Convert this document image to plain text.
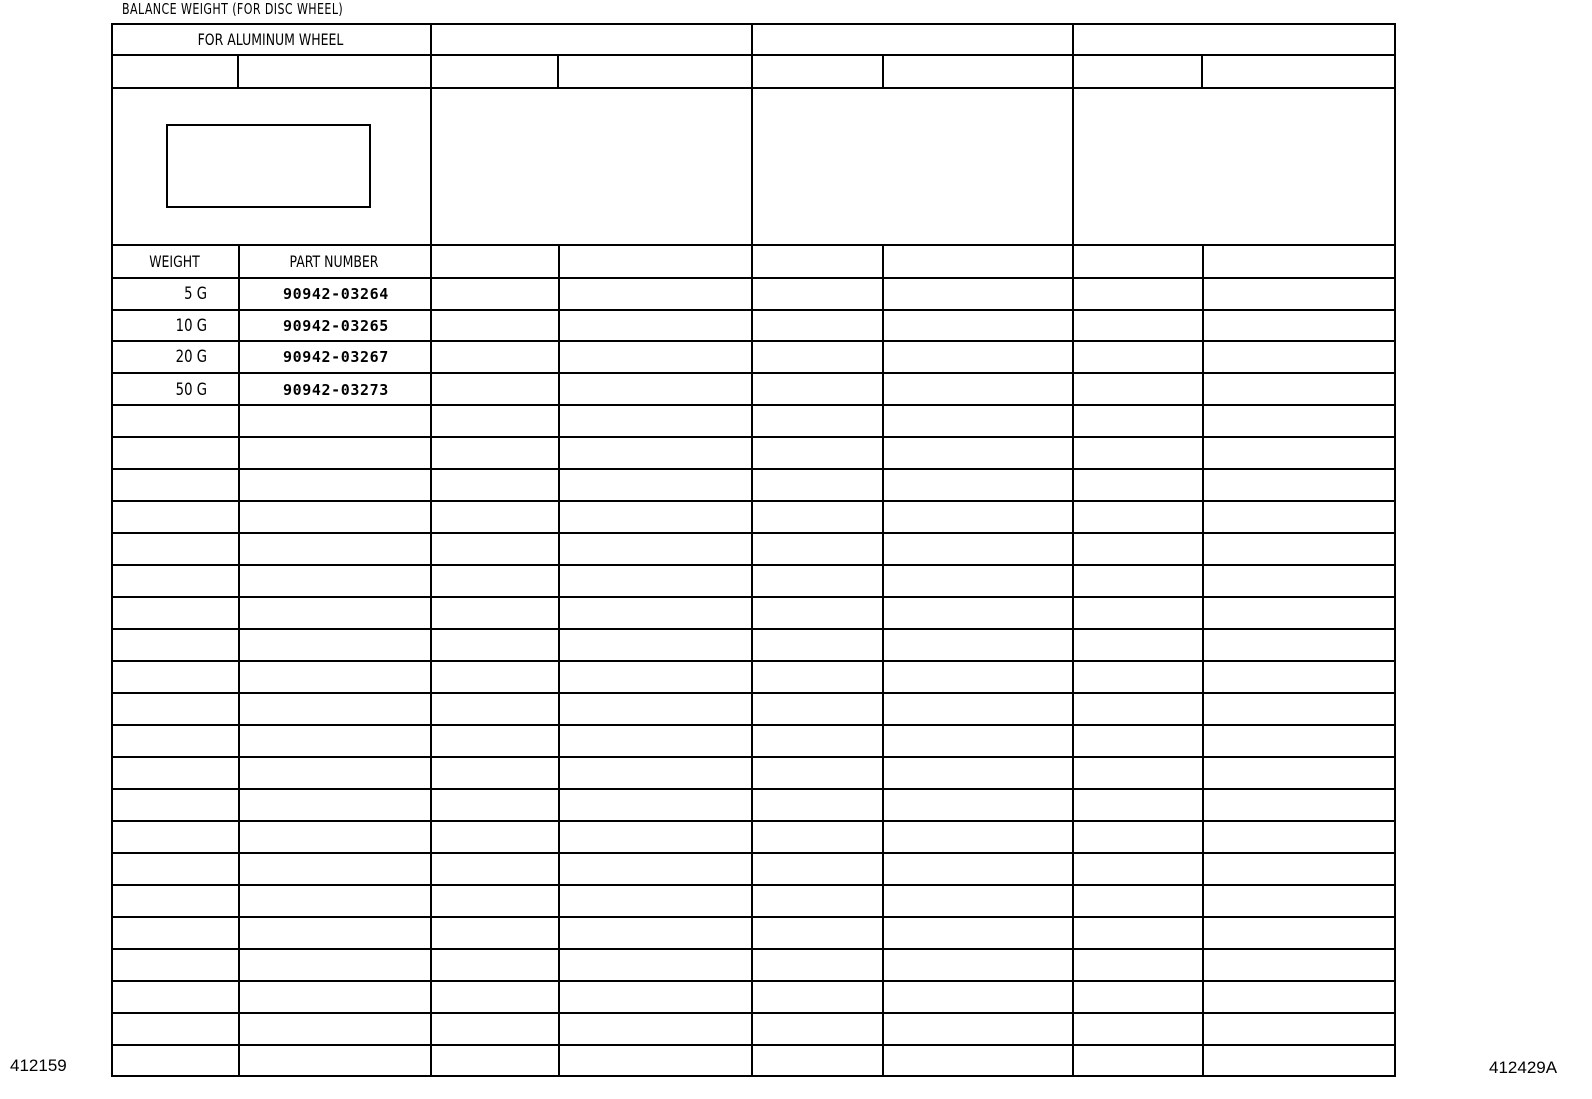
BALANCE WEIGHT (FOR DISC WHEEL)
FOR ALUMINUM WHEEL
WEIGHT	PART NUMBER
5 G	90942-03264
10 G	90942-03265
20 G	90942-03267
50 G	90942-03273
412159	412429A
